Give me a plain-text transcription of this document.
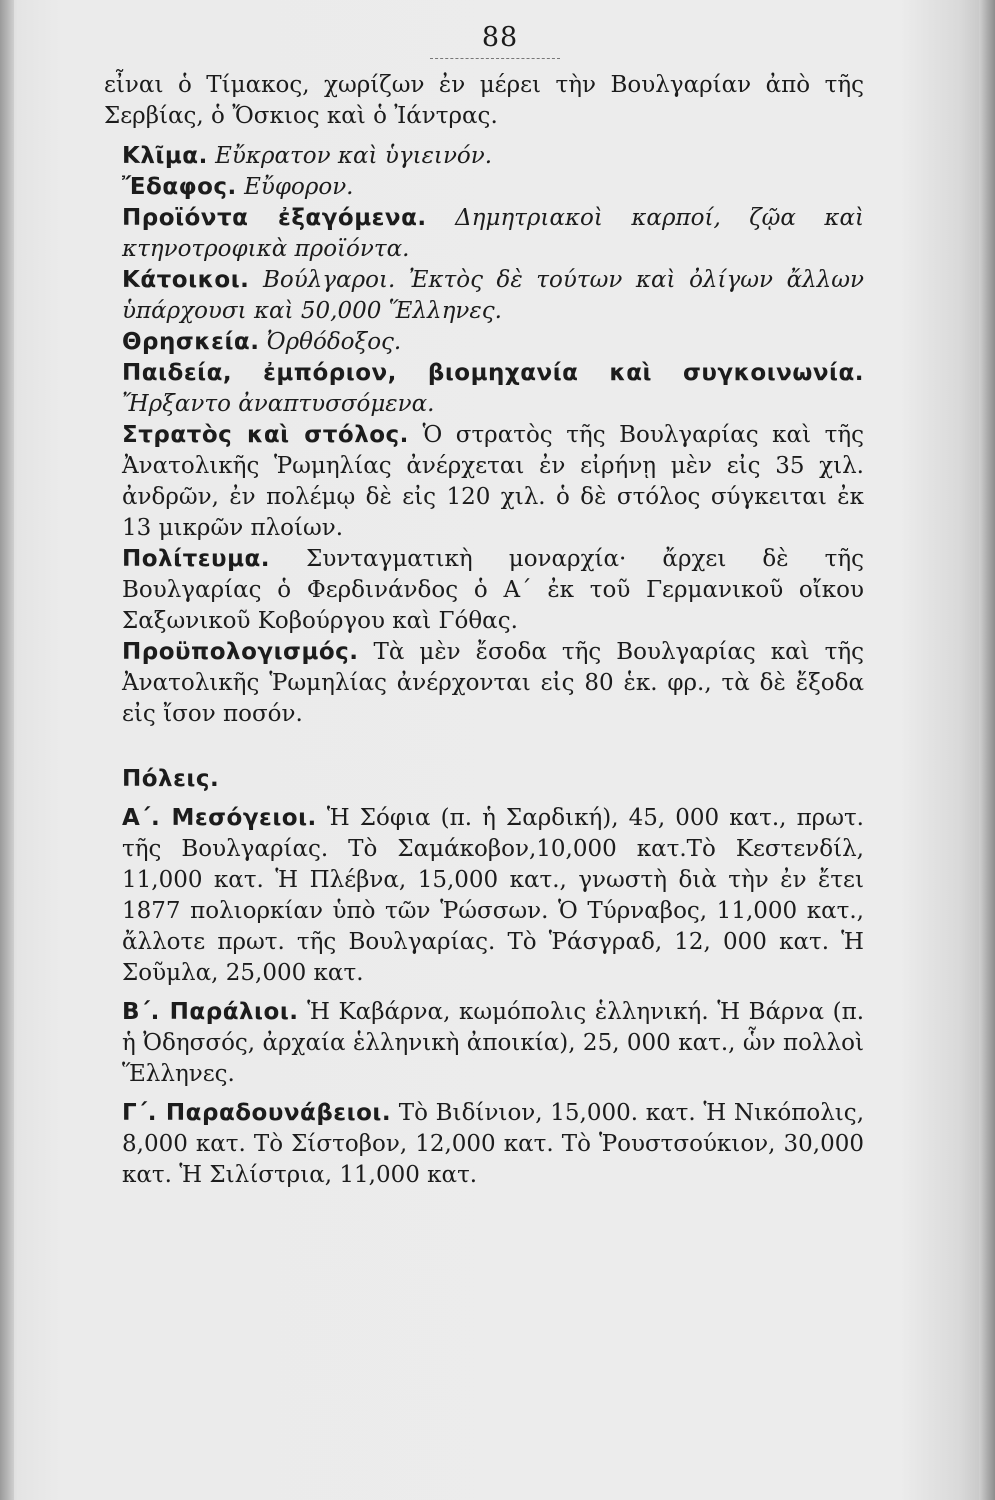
88

εἶναι ὁ Τίμακος, χωρίζων ἐν μέρει τὴν Βουλγαρίαν ἀπὸ τῆς Σερβίας, ὁ Ὄσκιος καὶ ὁ Ἰάντρας.

Κλῖμα. Εὔκρατον καὶ ὑγιεινόν.

Ἔδαφος. Εὔφορον.

Προϊόντα ἐξαγόμενα. Δημητριακοὶ καρποί, ζῷα καὶ κτηνοτροφικὰ προϊόντα.

Κάτοικοι. Βούλγαροι. Ἐκτὸς δὲ τούτων καὶ ὀλίγων ἄλλων ὑπάρχουσι καὶ 50,000 Ἕλληνες.

Θρησκεία. Ὀρθόδοξος.

Παιδεία, ἐμπόριον, βιομηχανία καὶ συγκοινωνία. Ἤρξαντο ἀναπτυσσόμενα.

Στρατὸς καὶ στόλος. Ὁ στρατὸς τῆς Βουλγαρίας καὶ τῆς Ἀνατολικῆς Ῥωμηλίας ἀνέρχεται ἐν εἰρήνῃ μὲν εἰς 35 χιλ. ἀνδρῶν, ἐν πολέμῳ δὲ εἰς 120 χιλ. ὁ δὲ στόλος σύγκειται ἐκ 13 μικρῶν πλοίων.

Πολίτευμα. Συνταγματικὴ μοναρχία· ἄρχει δὲ τῆς Βουλγαρίας ὁ Φερδινάνδος ὁ Α΄ ἐκ τοῦ Γερμανικοῦ οἴκου Σαξωνικοῦ Κοβούργου καὶ Γόθας.

Προϋπολογισμός. Τὰ μὲν ἔσοδα τῆς Βουλγαρίας καὶ τῆς Ἀνατολικῆς Ῥωμηλίας ἀνέρχονται εἰς 80 ἑκ. φρ., τὰ δὲ ἔξοδα εἰς ἴσον ποσόν.

Πόλεις.

Α΄. Μεσόγειοι. Ἡ Σόφια (π. ἡ Σαρδική), 45, 000 κατ., πρωτ. τῆς Βουλγαρίας. Τὸ Σαμάκοβον,10,000 κατ.Τὸ Κεστενδίλ, 11,000 κατ. Ἡ Πλέβνα, 15,000 κατ., γνωστὴ διὰ τὴν ἐν ἔτει 1877 πολιορκίαν ὑπὸ τῶν Ῥώσσων. Ὁ Τύρναβος, 11,000 κατ., ἄλλοτε πρωτ. τῆς Βουλγαρίας. Τὸ Ῥάσγραδ, 12, 000 κατ. Ἡ Σοῦμλα, 25,000 κατ.

Β΄. Παράλιοι. Ἡ Καβάρνα, κωμόπολις ἑλληνική. Ἡ Βάρνα (π. ἡ Ὀδησσός, ἀρχαία ἑλληνικὴ ἀποικία), 25, 000 κατ., ὧν πολλοὶ Ἕλληνες.

Γ΄. Παραδουνάβειοι. Τὸ Βιδίνιον, 15,000. κατ. Ἡ Νικόπολις, 8,000 κατ. Τὸ Σίστοβον, 12,000 κατ. Τὸ Ῥουστσούκιον, 30,000 κατ. Ἡ Σιλίστρια, 11,000 κατ.
